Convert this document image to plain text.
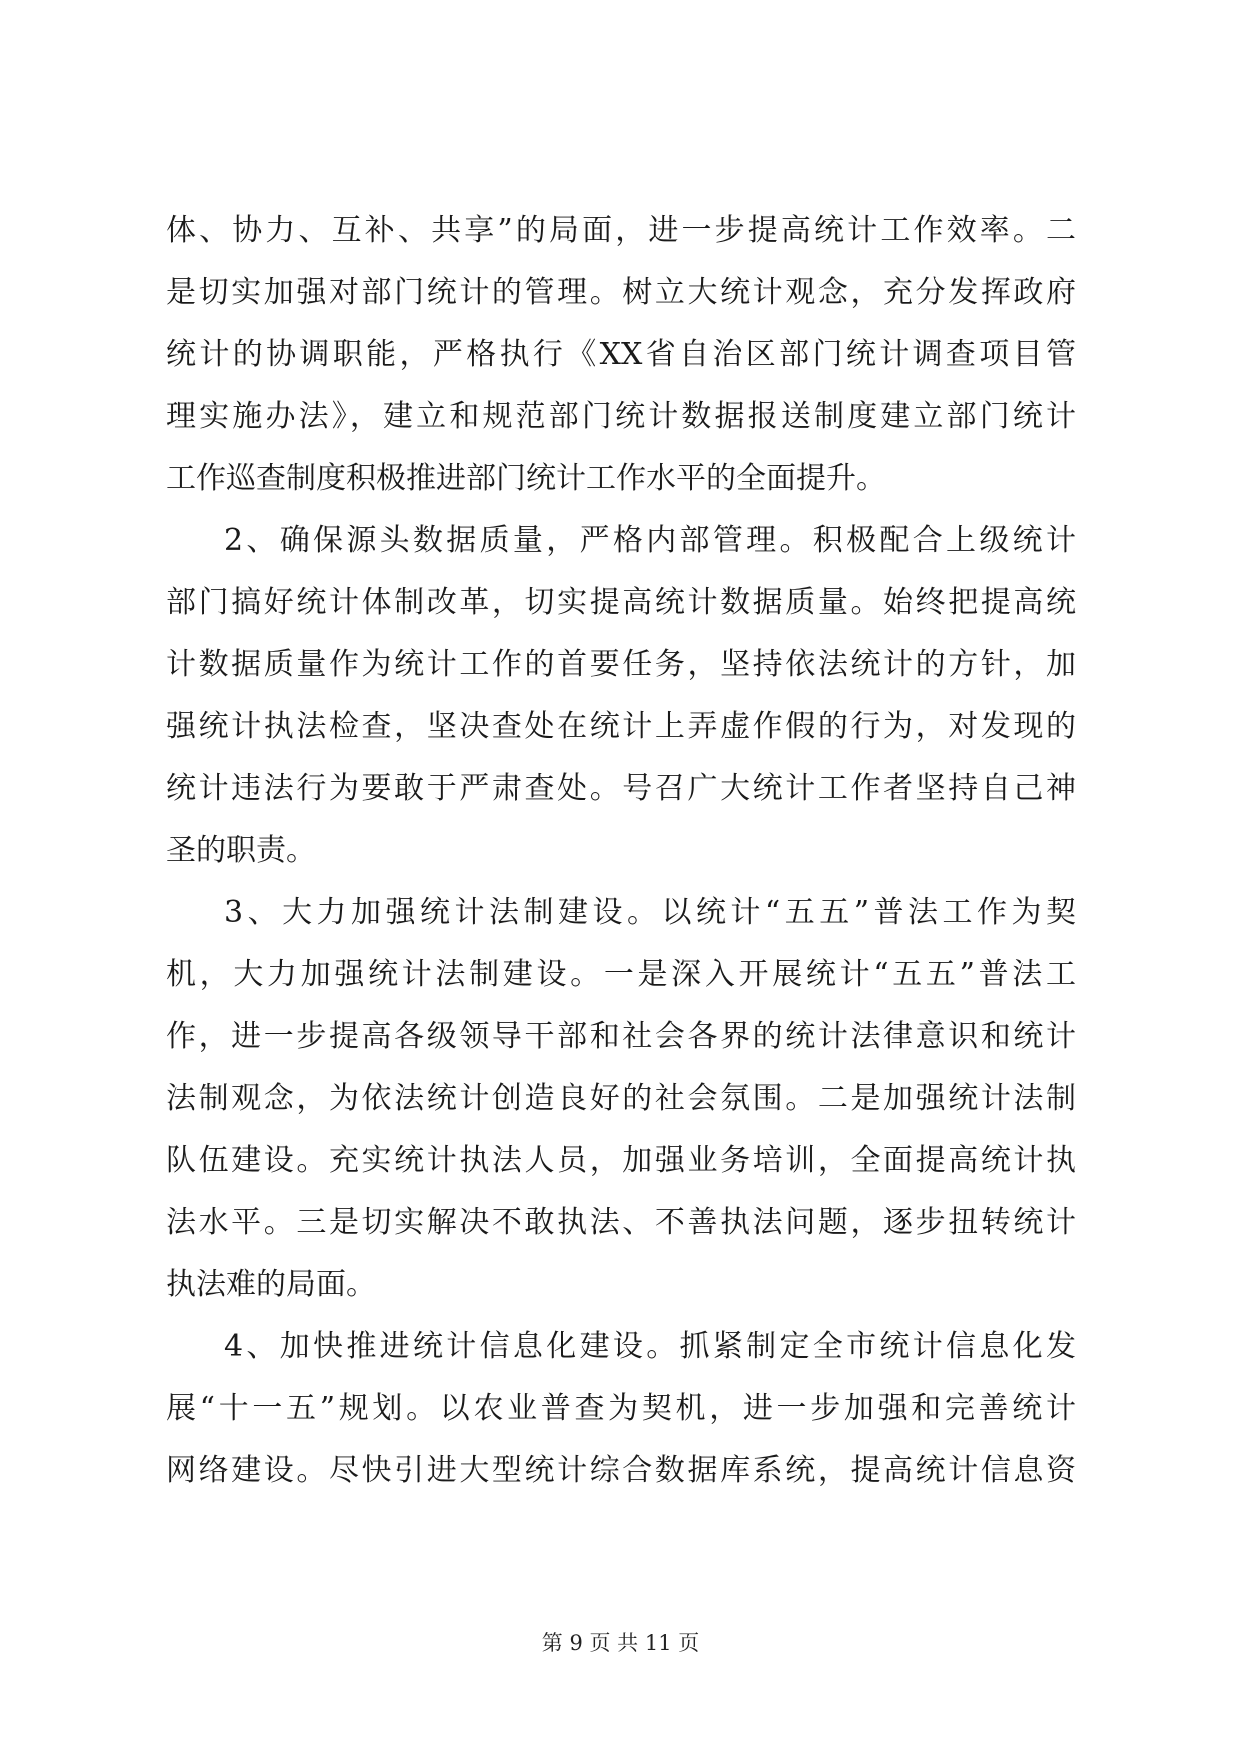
体、协力、互补、共享”的局面，进一步提高统计工作效率。二
是切实加强对部门统计的管理。树立大统计观念，充分发挥政府
统计的协调职能，严格执行《XX省自治区部门统计调查项目管
理实施办法》，建立和规范部门统计数据报送制度建立部门统计
工作巡查制度积极推进部门统计工作水平的全面提升。
2、确保源头数据质量，严格内部管理。积极配合上级统计
部门搞好统计体制改革，切实提高统计数据质量。始终把提高统
计数据质量作为统计工作的首要任务，坚持依法统计的方针，加
强统计执法检查，坚决查处在统计上弄虚作假的行为，对发现的
统计违法行为要敢于严肃查处。号召广大统计工作者坚持自己神
圣的职责。
3、大力加强统计法制建设。以统计“五五”普法工作为契
机，大力加强统计法制建设。一是深入开展统计“五五”普法工
作，进一步提高各级领导干部和社会各界的统计法律意识和统计
法制观念，为依法统计创造良好的社会氛围。二是加强统计法制
队伍建设。充实统计执法人员，加强业务培训，全面提高统计执
法水平。三是切实解决不敢执法、不善执法问题，逐步扭转统计
执法难的局面。
4、加快推进统计信息化建设。抓紧制定全市统计信息化发
展“十一五”规划。以农业普查为契机，进一步加强和完善统计
网络建设。尽快引进大型统计综合数据库系统，提高统计信息资
第 9 页 共 11 页
